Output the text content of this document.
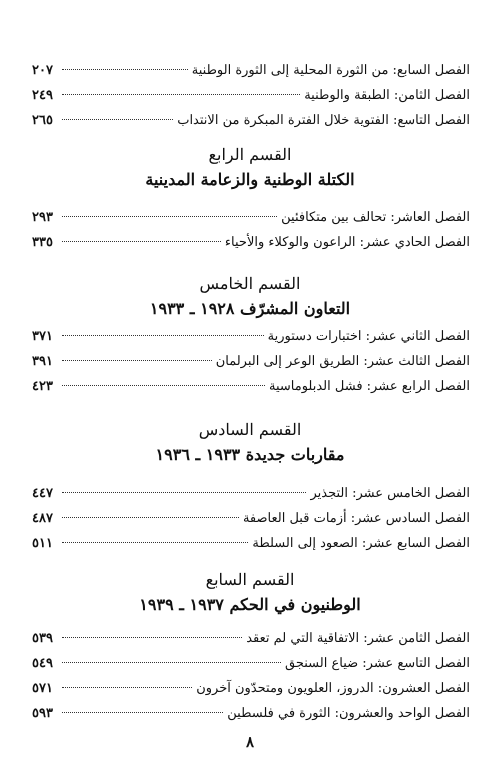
الفصل السابع: من الثورة المحلية إلى الثورة الوطنية
٢٠٧
الفصل الثامن: الطبقة والوطنية
٢٤٩
الفصل التاسع: الفتوية خلال الفترة المبكرة من الانتداب
٢٦٥
القسم الرابع
الكتلة الوطنية والزعامة المدينية
الفصل العاشر: تحالف بين متكافئين
٢٩٣
الفصل الحادي عشر: الراعون والوكلاء والأحياء
٣٣٥
القسم الخامس
التعاون المشرّف ١٩٢٨ ـ ١٩٣٣
الفصل الثاني عشر: اختبارات دستورية
٣٧١
الفصل الثالث عشر: الطريق الوعر إلى البرلمان
٣٩١
الفصل الرابع عشر: فشل الدبلوماسية
٤٢٣
القسم السادس
مقاربات جديدة ١٩٣٣ ـ ١٩٣٦
الفصل الخامس عشر: التجذير
٤٤٧
الفصل السادس عشر: أزمات قبل العاصفة
٤٨٧
الفصل السابع عشر: الصعود إلى السلطة
٥١١
القسم السابع
الوطنيون في الحكم ١٩٣٧ ـ ١٩٣٩
الفصل الثامن عشر: الاتفاقية التي لم تعقد
٥٣٩
الفصل التاسع عشر: ضياع السنجق
٥٤٩
الفصل العشرون: الدروز، العلويون ومتحدّون آخرون
٥٧١
الفصل الواحد والعشرون: الثورة في فلسطين
٥٩٣
٨
